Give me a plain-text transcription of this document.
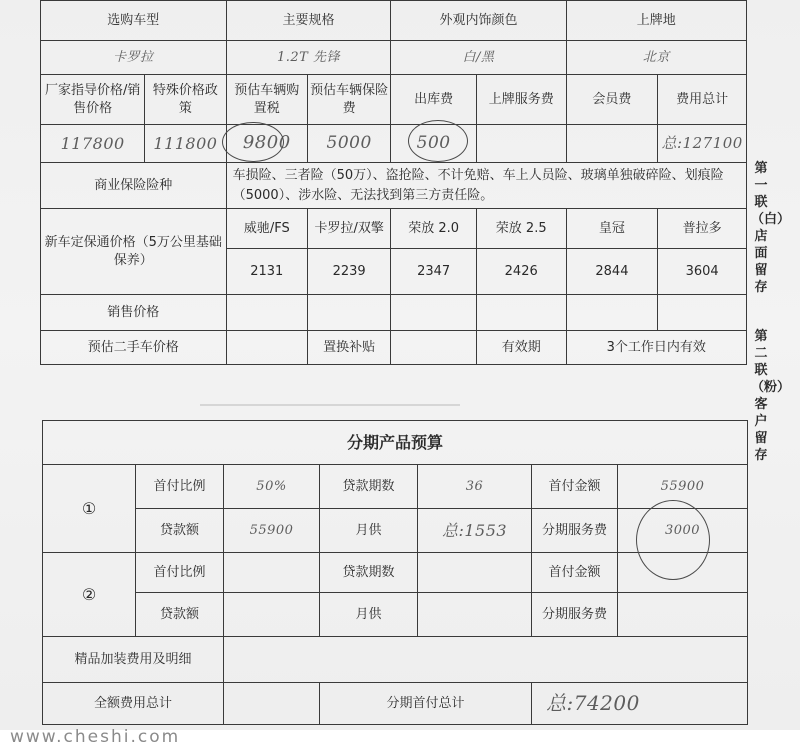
选购车型		主要规格		外观内饰颜色		上牌地	
卡罗拉		1.2T 先锋		白/黑		北京	
厂家指导价格/销售价格	特殊价格政策	预估车辆购置税	预估车辆保险费	出库费	上牌服务费	会员费	费用总计
117800	111800	9800	5000	500			总:127100
商业保险险种		车损险、三者险（50万）、盗抢险、不计免赔、车上人员险、玻璃单独破碎险、划痕险（5000）、涉水险、无法找到第三方责任险。					
新车定保通价格（5万公里基础保养）		威驰/FS	卡罗拉/双擎	荣放 2.0	荣放 2.5	皇冠	普拉多
		2131	2239	2347	2426	2844	3604
销售价格							
预估二手车价格			置换补贴		有效期	3个工作日内有效	
分期产品预算						
①	首付比例	50%	贷款期数	36	首付金额	55900
	贷款额	55900	月供	总:1553	分期服务费	3000
②	首付比例		贷款期数		首付金额	
	贷款额		月供		分期服务费	
精品加装费用及明细						
全额费用总计			分期首付总计		总:74200	
第一联（白）店面留存
第二联（粉）客户留存
www.cheshi.com
